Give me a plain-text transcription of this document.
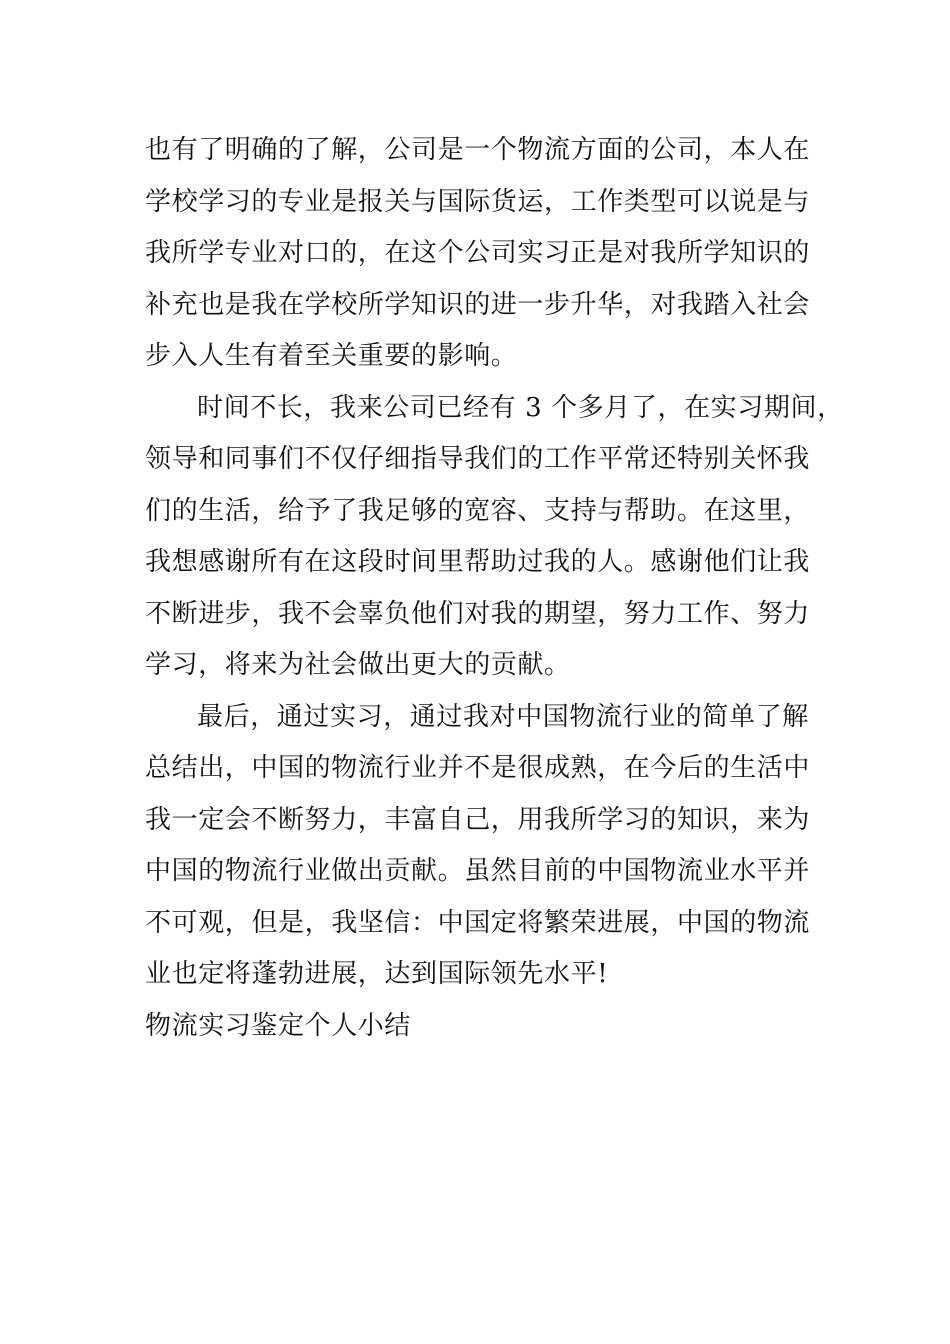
也有了明确的了解，公司是一个物流方面的公司，本人在
学校学习的专业是报关与国际货运，工作类型可以说是与
我所学专业对口的，在这个公司实习正是对我所学知识的
补充也是我在学校所学知识的进一步升华，对我踏入社会
步入人生有着至关重要的影响。
时间不长，我来公司已经有 3 个多月了，在实习期间，
领导和同事们不仅仔细指导我们的工作平常还特别关怀我
们的生活，给予了我足够的宽容、支持与帮助。在这里，
我想感谢所有在这段时间里帮助过我的人。感谢他们让我
不断进步，我不会辜负他们对我的期望，努力工作、努力
学习，将来为社会做出更大的贡献。
最后，通过实习，通过我对中国物流行业的简单了解
总结出，中国的物流行业并不是很成熟，在今后的生活中
我一定会不断努力，丰富自己，用我所学习的知识，来为
中国的物流行业做出贡献。虽然目前的中国物流业水平并
不可观，但是，我坚信：中国定将繁荣进展，中国的物流
业也定将蓬勃进展，达到国际领先水平!
物流实习鉴定个人小结
